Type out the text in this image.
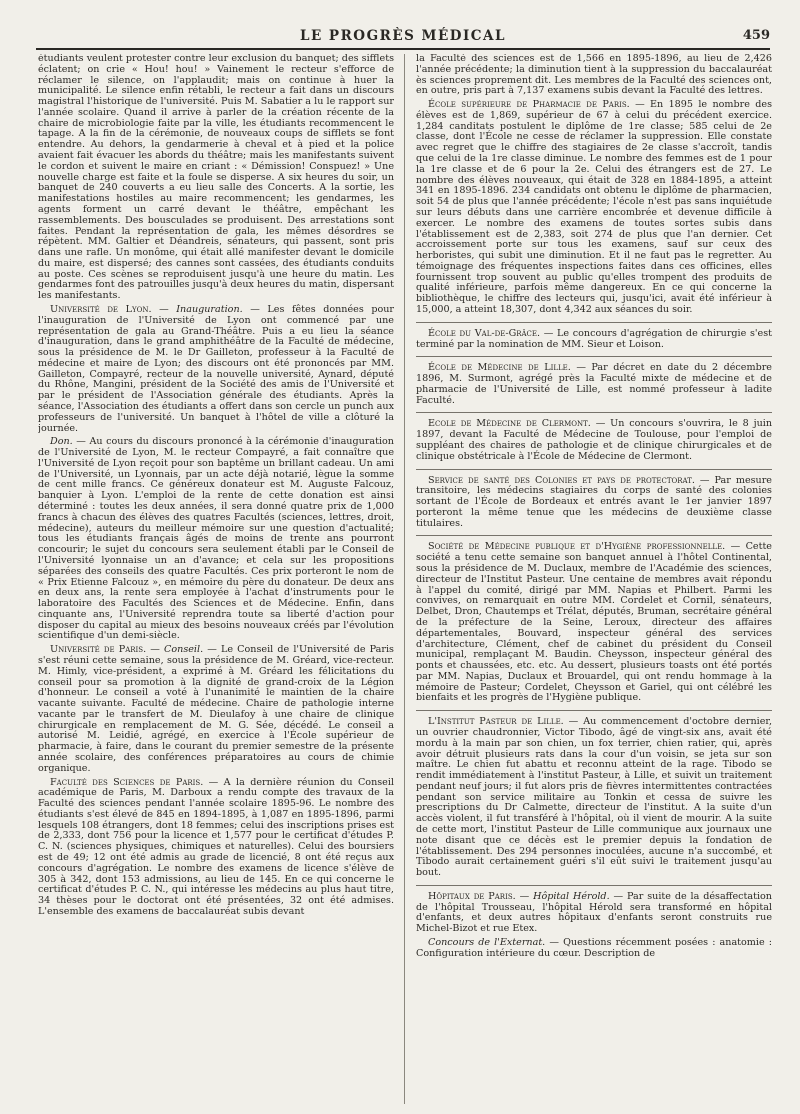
LE PROGRÈS MÉDICAL	459

étudiants veulent protester contre leur exclusion du banquet; des sifflets éclatent; on crie « Hou! hou! » Vainement le recteur s'efforce de réclamer le silence, on l'applaudit; mais on continue à huer la municipalité. Le silence enfin rétabli, le recteur a fait dans un discours magistral l'historique de l'université. Puis M. Sabatier a lu le rapport sur l'année scolaire. Quand il arrive à parler de la création récente de la chaire de microbiologie faite par la ville, les étudiants recommencent le tapage. A la fin de la cérémonie, de nouveaux coups de sifflets se font entendre. Au dehors, la gendarmerie à cheval et à pied et la police avaient fait évacuer les abords du théâtre; mais les manifestants suivent le cordon et suivent le maire en criant : « Démission! Conspuez! » Une nouvelle charge est faite et la foule se disperse. A six heures du soir, un banquet de 240 couverts a eu lieu salle des Concerts. A la sortie, les manifestations hostiles au maire recommencent; les gendarmes, les agents forment un carré devant le théâtre, empêchant les rassemblements. Des bousculades se produisent. Des arrestations sont faites. Pendant la représentation de gala, les mêmes désordres se répètent. MM. Galtier et Déandreis, sénateurs, qui passent, sont pris dans une rafle. Un monôme, qui était allé manifester devant le domicile du maire, est dispersé; des cannes sont cassées, des étudiants conduits au poste. Ces scènes se reproduisent jusqu'à une heure du matin. Les gendarmes font des patrouilles jusqu'à deux heures du matin, dispersant les manifestants.

Université de Lyon. — Inauguration. — Les fêtes données pour l'inauguration de l'Université de Lyon ont commencé par une représentation de gala au Grand-Théâtre. Puis a eu lieu la séance d'inauguration, dans le grand amphithéâtre de la Faculté de médecine, sous la présidence de M. le Dr Gailleton, professeur à la Faculté de médecine et maire de Lyon; des discours ont été prononcés par MM. Gailleton, Compayré, recteur de la nouvelle université, Aynard, député du Rhône, Mangini, président de la Société des amis de l'Université et par le président de l'Association générale des étudiants. Après la séance, l'Association des étudiants a offert dans son cercle un punch aux professeurs de l'université. Un banquet à l'hôtel de ville a clôturé la journée.

Don. — Au cours du discours prononcé à la cérémonie d'inauguration de l'Université de Lyon, M. le recteur Compayré, a fait connaître que l'Université de Lyon reçoit pour son baptême un brillant cadeau. Un ami de l'Université, un Lyonnais, par un acte déjà notarié, lègue la somme de cent mille francs. Ce généreux donateur est M. Auguste Falcouz, banquier à Lyon. L'emploi de la rente de cette donation est ainsi déterminé : toutes les deux années, il sera donné quatre prix de 1,000 francs à chacun des élèves des quatres Facultés (sciences, lettres, droit, médecine), auteurs du meilleur mémoire sur une question d'actualité; tous les étudiants français âgés de moins de trente ans pourront concourir; le sujet du concours sera seulement établi par le Conseil de l'Université lyonnaise un an d'avance; et cela sur les propositions séparées des conseils des quatre Facultés. Ces prix porteront le nom de « Prix Etienne Falcouz », en mémoire du père du donateur. De deux ans en deux ans, la rente sera employée à l'achat d'instruments pour le laboratoire des Facultés des Sciences et de Médecine. Enfin, dans cinquante ans, l'Université reprendra toute sa liberté d'action pour disposer du capital au mieux des besoins nouveaux créés par l'évolution scientifique d'un demi-siècle.

Université de Paris. — Conseil. — Le Conseil de l'Université de Paris s'est réuni cette semaine, sous la présidence de M. Gréard, vice-recteur. M. Himly, vice-président, a exprimé à M. Gréard les félicitations du conseil pour sa promotion à la dignité de grand-croix de la Légion d'honneur. Le conseil a voté à l'unanimité le maintien de la chaire vacante suivante. Faculté de médecine. Chaire de pathologie interne vacante par le transfert de M. Dieulafoy à une chaire de clinique chirurgicale en remplacement de M. G. Sée, décédé. Le conseil a autorisé M. Leidié, agrégé, en exercice à l'École supérieur de pharmacie, à faire, dans le courant du premier semestre de la présente année scolaire, des conférences préparatoires au cours de chimie organique.

Faculté des Sciences de Paris. — A la dernière réunion du Conseil académique de Paris, M. Darboux a rendu compte des travaux de la Faculté des sciences pendant l'année scolaire 1895-96. Le nombre des étudiants s'est élevé de 845 en 1894-1895, à 1,087 en 1895-1896, parmi lesquels 108 étrangers, dont 18 femmes; celui des inscriptions prises est de 2,333, dont 756 pour la licence et 1,577 pour le certificat d'études P. C. N. (sciences physiques, chimiques et naturelles). Celui des boursiers est de 49; 12 ont été admis au grade de licencié, 8 ont été reçus aux concours d'agrégation. Le nombre des examens de licence s'élève de 305 à 342, dont 153 admissions, au lieu de 145. En ce qui concerne le certificat d'études P. C. N., qui intéresse les médecins au plus haut titre, 34 thèses pour le doctorat ont été présentées, 32 ont été admises. L'ensemble des examens de baccalauréat subis devant

la Faculté des sciences est de 1,566 en 1895-1896, au lieu de 2,426 l'année précédente; la diminution tient à la suppression du baccalauréat ès sciences proprement dit. Les membres de la Faculté des sciences ont, en outre, pris part à 7,137 examens subis devant la Faculté des lettres.

École supérieure de Pharmacie de Paris. — En 1895 le nombre des élèves est de 1,869, supérieur de 67 à celui du précédent exercice. 1,284 canditats postulent le diplôme de 1re classe; 585 celui de 2e classe, dont l'École ne cesse de réclamer la suppression. Elle constate avec regret que le chiffre des stagiaires de 2e classe s'accroît, tandis que celui de la 1re classe diminue. Le nombre des femmes est de 1 pour la 1re classe et de 6 pour la 2e. Celui des étrangers est de 27. Le nombre des élèves nouveaux, qui était de 328 en 1884-1895, a atteint 341 en 1895-1896. 234 candidats ont obtenu le diplôme de pharmacien, soit 54 de plus que l'année précédente; l'école n'est pas sans inquiétude sur leurs débuts dans une carrière encombrée et devenue difficile à exercer. Le nombre des examens de toutes sortes subis dans l'établissement est de 2,383, soit 274 de plus que l'an dernier. Cet accroissement porte sur tous les examens, sauf sur ceux des herboristes, qui subit une diminution. Et il ne faut pas le regretter. Au témoignage des fréquentes inspections faites dans ces officines, elles fournissent trop souvent au public qu'elles trompent des produits de qualité inférieure, parfois même dangereux. En ce qui concerne la bibliothèque, le chiffre des lecteurs qui, jusqu'ici, avait été inférieur à 15,000, a atteint 18,307, dont 4,342 aux séances du soir.

École du Val-de-Grâce. — Le concours d'agrégation de chirurgie s'est terminé par la nomination de MM. Sieur et Loison.

École de Médecine de Lille. — Par décret en date du 2 décembre 1896, M. Surmont, agrégé près la Faculté mixte de médecine et de pharmacie de l'Université de Lille, est nommé professeur à ladite Faculté.

Ecole de Médecine de Clermont. — Un concours s'ouvrira, le 8 juin 1897, devant la Faculté de Médecine de Toulouse, pour l'emploi de suppléant des chaires de pathologie et de clinique chirurgicales et de clinique obstétricale à l'École de Médecine de Clermont.

Service de santé des Colonies et pays de protectorat. — Par mesure transitoire, les médecins stagiaires du corps de santé des colonies sortant de l'École de Bordeaux et entrés avant le 1er janvier 1897 porteront la même tenue que les médecins de deuxième classe titulaires.

Société de Médecine publique et d'Hygiène professionnelle. — Cette société a tenu cette semaine son banquet annuel à l'hôtel Continental, sous la présidence de M. Duclaux, membre de l'Académie des sciences, directeur de l'Institut Pasteur. Une centaine de membres avait répondu à l'appel du comité, dirigé par MM. Napias et Philbert. Parmi les convives, on remarquait en outre MM. Cordelet et Cornil, sénateurs, Delbet, Dron, Chautemps et Trélat, députés, Bruman, secrétaire général de la préfecture de la Seine, Leroux, directeur des affaires départementales, Bouvard, inspecteur général des services d'architecture, Clément, chef de cabinet du président du Conseil municipal, remplaçant M. Baudin. Cheysson, inspecteur général des ponts et chaussées, etc. etc. Au dessert, plusieurs toasts ont été portés par MM. Napias, Duclaux et Brouardel, qui ont rendu hommage à la mémoire de Pasteur; Cordelet, Cheysson et Gariel, qui ont célébré les bienfaits et les progrès de l'Hygiène publique.

L'Institut Pasteur de Lille. — Au commencement d'octobre dernier, un ouvrier chaudronnier, Victor Tibodo, âgé de vingt-six ans, avait été mordu à la main par son chien, un fox terrier, chien ratier, qui, après avoir détruit plusieurs rats dans la cour d'un voisin, se jeta sur son maître. Le chien fut abattu et reconnu atteint de la rage. Tibodo se rendit immédiatement à l'institut Pasteur, à Lille, et suivit un traitement pendant neuf jours; il fut alors pris de fièvres intermittentes contractées pendant son service militaire au Tonkin et cessa de suivre les prescriptions du Dr Calmette, directeur de l'institut. A la suite d'un accès violent, il fut transféré à l'hôpital, où il vient de mourir. A la suite de cette mort, l'institut Pasteur de Lille communique aux journaux une note disant que ce décès est le premier depuis la fondation de l'établissement. Des 294 personnes inoculées, aucune n'a succombé, et Tibodo aurait certainement guéri s'il eût suivi le traitement jusqu'au bout.

Hôpitaux de Paris. — Hôpital Hérold. — Par suite de la désaffectation de l'hôpital Trousseau, l'hôpital Hérold sera transformé en hôpital d'enfants, et deux autres hôpitaux d'enfants seront construits rue Michel-Bizot et rue Etex.

Concours de l'Externat. — Questions récemment posées : anatomie : Configuration intérieure du cœur. Description de
